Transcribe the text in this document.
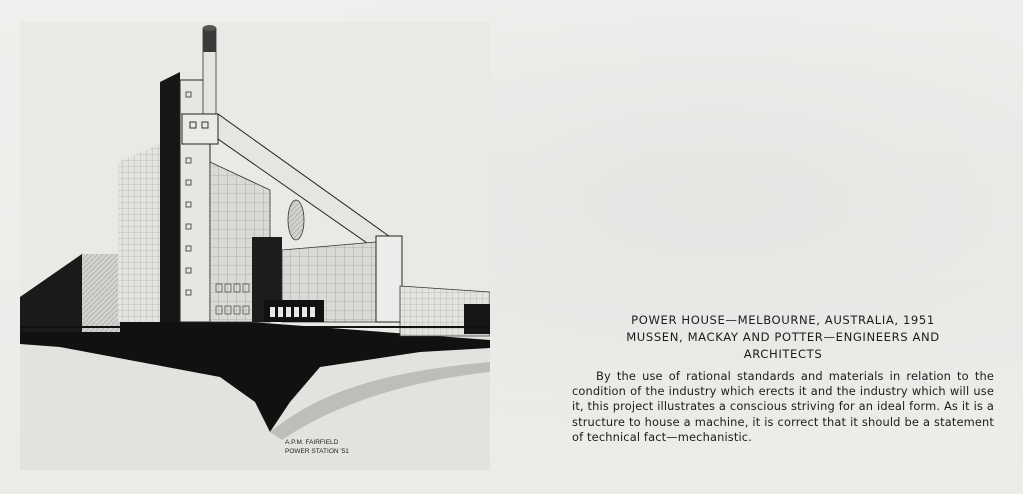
A.P.M. FAIRFIELD
POWER STATION '51

POWER HOUSE—MELBOURNE, AUSTRALIA, 1951
MUSSEN, MACKAY AND POTTER—ENGINEERS AND
ARCHITECTS

By the use of rational standards and materials in relation to the condition of the industry which erects it and the industry which will use it, this project illustrates a conscious striving for an ideal form. As it is a structure to house a machine, it is correct that it should be a statement of technical fact—mechanistic.
